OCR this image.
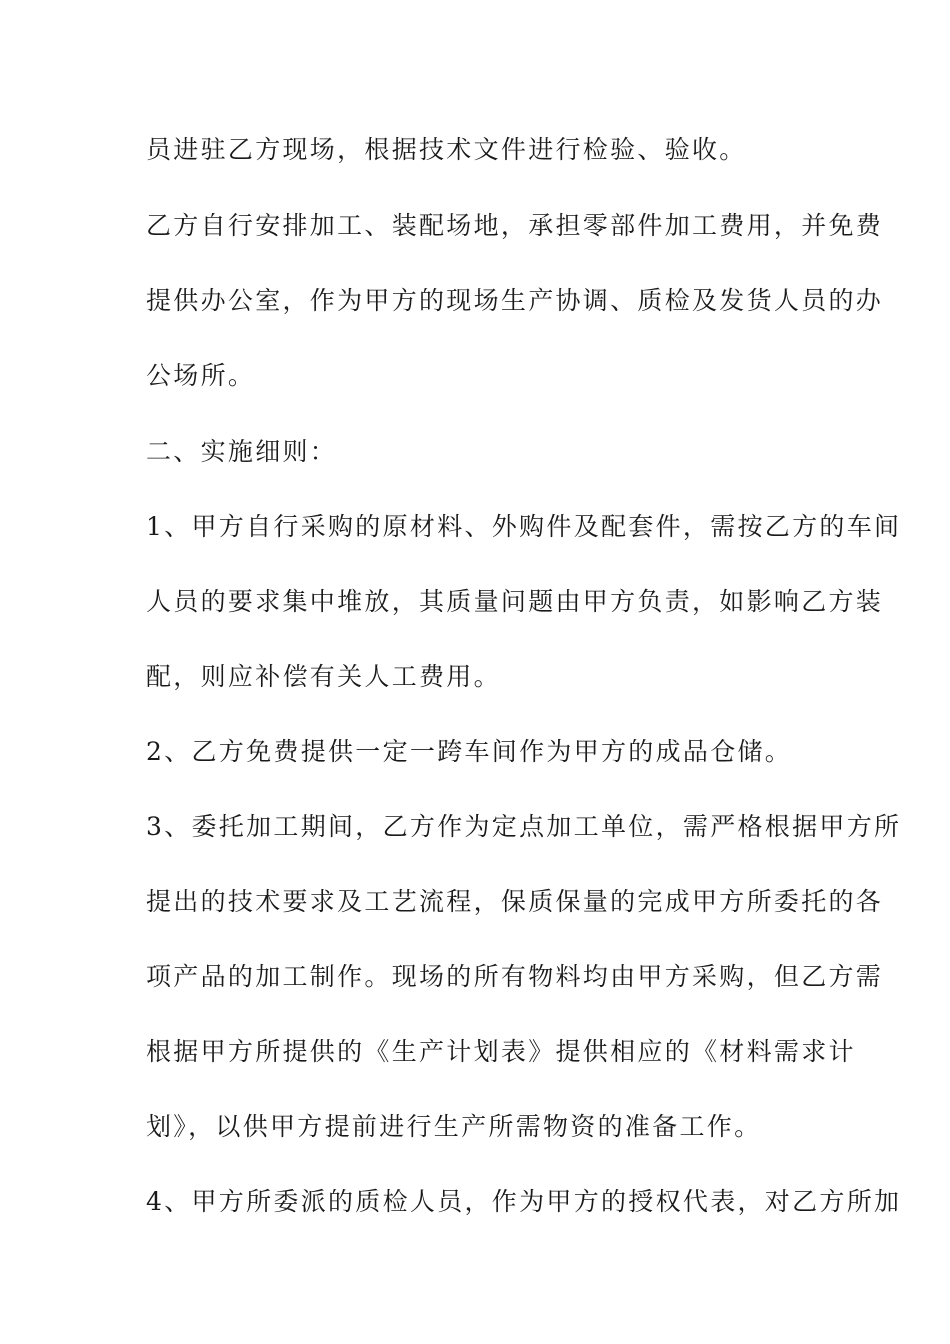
员进驻乙方现场，根据技术文件进行检验、验收。
乙方自行安排加工、装配场地，承担零部件加工费用，并免费
提供办公室，作为甲方的现场生产协调、质检及发货人员的办
公场所。
二、实施细则：
1、甲方自行采购的原材料、外购件及配套件，需按乙方的车间
人员的要求集中堆放，其质量问题由甲方负责，如影响乙方装
配，则应补偿有关人工费用。
2、乙方免费提供一定一跨车间作为甲方的成品仓储。
3、委托加工期间，乙方作为定点加工单位，需严格根据甲方所
提出的技术要求及工艺流程，保质保量的完成甲方所委托的各
项产品的加工制作。现场的所有物料均由甲方采购，但乙方需
根据甲方所提供的《生产计划表》提供相应的《材料需求计
划》，以供甲方提前进行生产所需物资的准备工作。
4、甲方所委派的质检人员，作为甲方的授权代表，对乙方所加
